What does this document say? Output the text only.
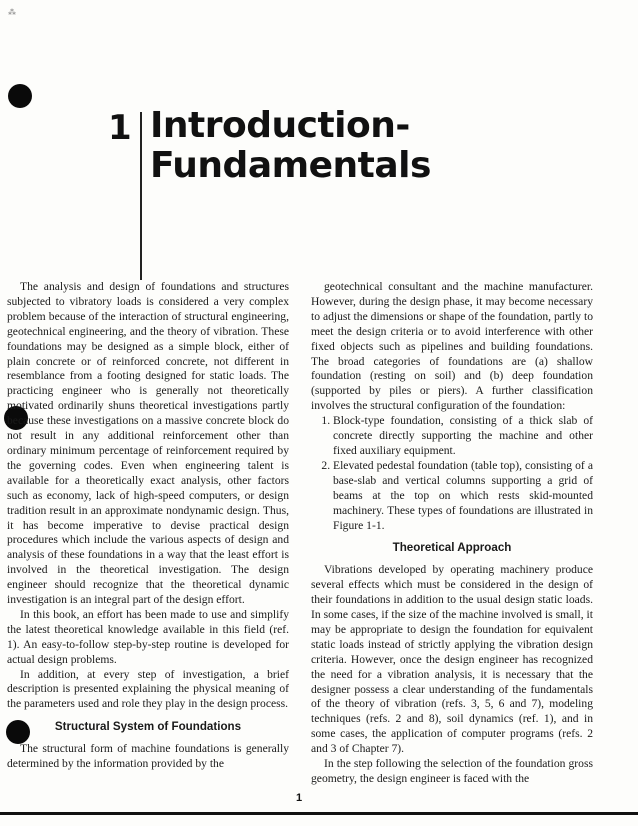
⁂
1 Introduction-
Fundamentals

The analysis and design of foundations and structures subjected to vibratory loads is considered a very complex problem because of the interaction of structural engineering, geotechnical engineering, and the theory of vibration. These foundations may be designed as a simple block, either of plain concrete or of reinforced concrete, not different in resemblance from a footing designed for static loads. The practicing engineer who is generally not theoretically motivated ordinarily shuns theoretical investigations partly because these investigations on a massive concrete block do not result in any additional reinforcement other than ordinary minimum percentage of reinforcement required by the governing codes. Even when engineering talent is available for a theoretically exact analysis, other factors such as economy, lack of high-speed computers, or design tradition result in an approximate nondynamic design. Thus, it has become imperative to devise practical design procedures which include the various aspects of design and analysis of these foundations in a way that the least effort is involved in the theoretical investigation. The design engineer should recognize that the theoretical dynamic investigation is an integral part of the design effort.

In this book, an effort has been made to use and simplify the latest theoretical knowledge available in this field (ref. 1). An easy-to-follow step-by-step routine is developed for actual design problems.

In addition, at every step of investigation, a brief description is presented explaining the physical meaning of the parameters used and role they play in the design process.

Structural System of Foundations

The structural form of machine foundations is generally determined by the information provided by the

geotechnical consultant and the machine manufacturer. However, during the design phase, it may become necessary to adjust the dimensions or shape of the foundation, partly to meet the design criteria or to avoid interference with other fixed objects such as pipelines and building foundations. The broad categories of foundations are (a) shallow foundation (resting on soil) and (b) deep foundation (supported by piles or piers). A further classification involves the structural configuration of the foundation:

1. Block-type foundation, consisting of a thick slab of concrete directly supporting the machine and other fixed auxiliary equipment.
2. Elevated pedestal foundation (table top), consisting of a base-slab and vertical columns supporting a grid of beams at the top on which rests skid-mounted machinery. These types of foundations are illustrated in Figure 1-1.
Theoretical Approach

Vibrations developed by operating machinery produce several effects which must be considered in the design of their foundations in addition to the usual design static loads. In some cases, if the size of the machine involved is small, it may be appropriate to design the foundation for equivalent static loads instead of strictly applying the vibration design criteria. However, once the design engineer has recognized the need for a vibration analysis, it is necessary that the designer possess a clear understanding of the fundamentals of the theory of vibration (refs. 3, 5, 6 and 7), modeling techniques (refs. 2 and 8), soil dynamics (ref. 1), and in some cases, the application of computer programs (refs. 2 and 3 of Chapter 7).

In the step following the selection of the foundation gross geometry, the design engineer is faced with the

1
